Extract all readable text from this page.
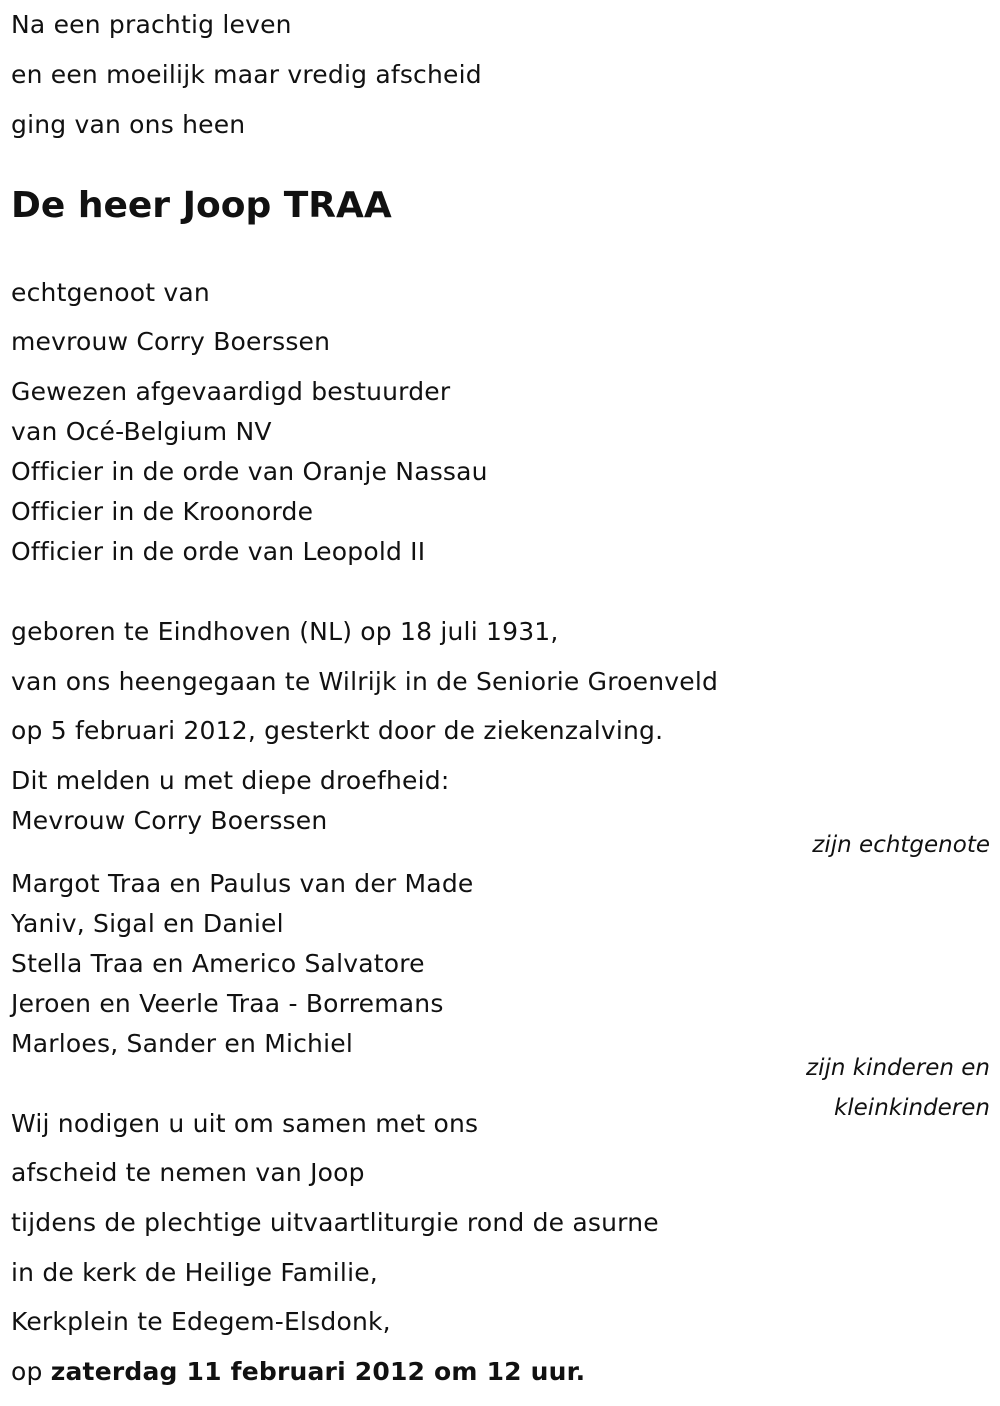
Na een prachtig leven
en een moeilijk maar vredig afscheid
ging van ons heen
De heer Joop TRAA
echtgenoot van
mevrouw Corry Boerssen
Gewezen afgevaardigd bestuurder
van Océ-Belgium NV
Officier in de orde van Oranje Nassau
Officier in de Kroonorde
Officier in de orde van Leopold II
geboren te Eindhoven (NL) op 18 juli 1931,
van ons heengegaan te Wilrijk in de Seniorie Groenveld
op 5 februari 2012, gesterkt door de ziekenzalving.
Dit melden u met diepe droefheid:
Mevrouw Corry Boerssen
zijn echtgenote
Margot Traa en Paulus van der Made
Yaniv, Sigal en Daniel
Stella Traa en Americo Salvatore
Jeroen en Veerle Traa - Borremans
Marloes, Sander en Michiel
zijn kinderen en
kleinkinderen
Wij nodigen u uit om samen met ons
afscheid te nemen van Joop
tijdens de plechtige uitvaartliturgie rond de asurne
in de kerk de Heilige Familie,
Kerkplein te Edegem-Elsdonk,
op zaterdag 11 februari 2012 om 12 uur.
